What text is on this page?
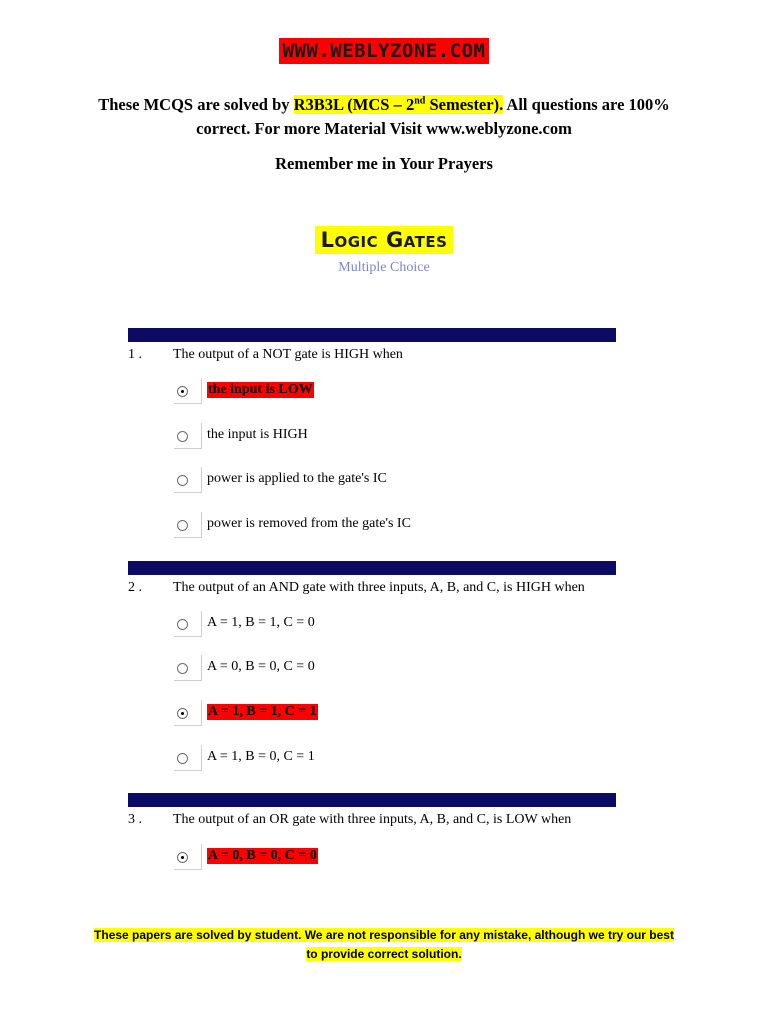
WWW.WEBLYZONE.COM
These MCQS are solved by R3B3L (MCS – 2nd Semester). All questions are 100% correct. For more Material Visit www.weblyzone.com
Remember me in Your Prayers
Logic Gates
Multiple Choice
1 . The output of a NOT gate is HIGH when
the input is LOW
the input is HIGH
power is applied to the gate's IC
power is removed from the gate's IC
2 . The output of an AND gate with three inputs, A, B, and C, is HIGH when
A = 1, B = 1, C = 0
A = 0, B = 0, C = 0
A = 1, B = 1, C = 1
A = 1, B = 0, C = 1
3 . The output of an OR gate with three inputs, A, B, and C, is LOW when
A = 0, B = 0, C = 0
These papers are solved by student. We are not responsible for any mistake, although we try our best
to provide correct solution.
